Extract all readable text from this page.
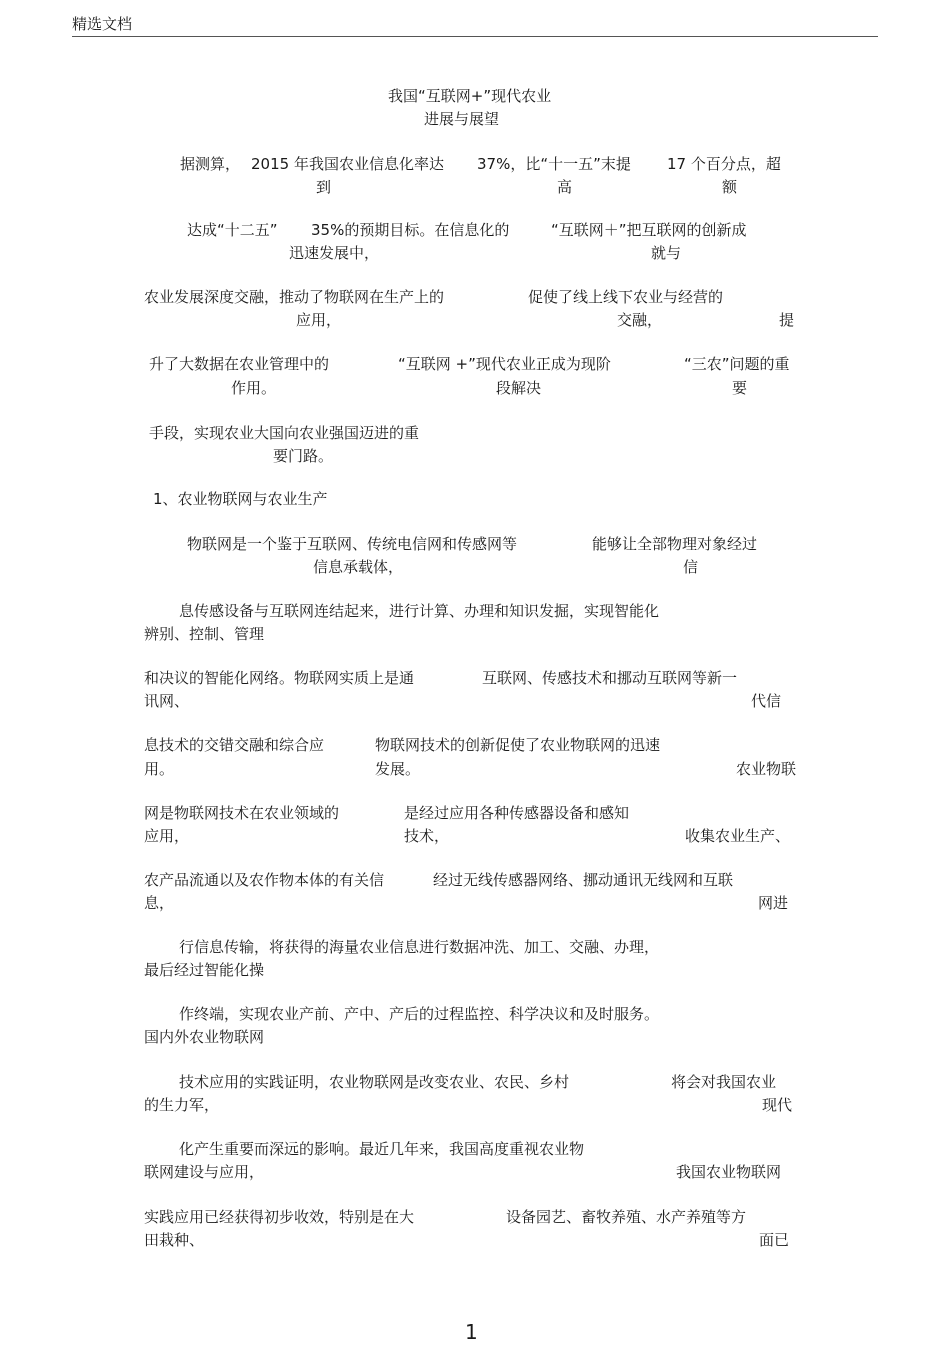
精选文档
我国“互联网+”现代农业
进展与展望
据测算， 2015 年我国农业信息化率达 37%，比“十一五”末提 17 个百分点，超
到	高	额
达成“十二五” 35%的预期目标。在信息化的	“互联网＋”把互联网的创新成
迅速发展中，	就与
农业发展深度交融，推动了物联网在生产上的	促使了线上线下农业与经营的
应用，	交融，	提
升了大数据在农业管理中的	“互联网 +”现代农业正成为现阶	“三农”问题的重
作用。	段解决	要
手段，实现农业大国向农业强国迈进的重
要门路。
1、农业物联网与农业生产
物联网是一个鉴于互联网、传统电信网和传感网等	能够让全部物理对象经过
信息承载体，	信
息传感设备与互联网连结起来，进行计算、办理和知识发掘，实现智能化
辨别、控制、管理
和决议的智能化网络。物联网实质上是通	互联网、传感技术和挪动互联网等新一
讯网、	代信
息技术的交错交融和综合应	物联网技术的创新促使了农业物联网的迅速
用。	发展。	农业物联
网是物联网技术在农业领域的	是经过应用各种传感器设备和感知
应用，	技术，	收集农业生产、
农产品流通以及农作物本体的有关信	经过无线传感器网络、挪动通讯无线网和互联
息，	网进
行信息传输，将获得的海量农业信息进行数据冲洗、加工、交融、办理，
最后经过智能化操
作终端，实现农业产前、产中、产后的过程监控、科学决议和及时服务。
国内外农业物联网
技术应用的实践证明，农业物联网是改变农业、农民、乡村	将会对我国农业
的生力军，	现代
化产生重要而深远的影响。最近几年来，我国高度重视农业物
联网建设与应用，	我国农业物联网
实践应用已经获得初步收效，特别是在大	设备园艺、畜牧养殖、水产养殖等方
田栽种、	面已
1
